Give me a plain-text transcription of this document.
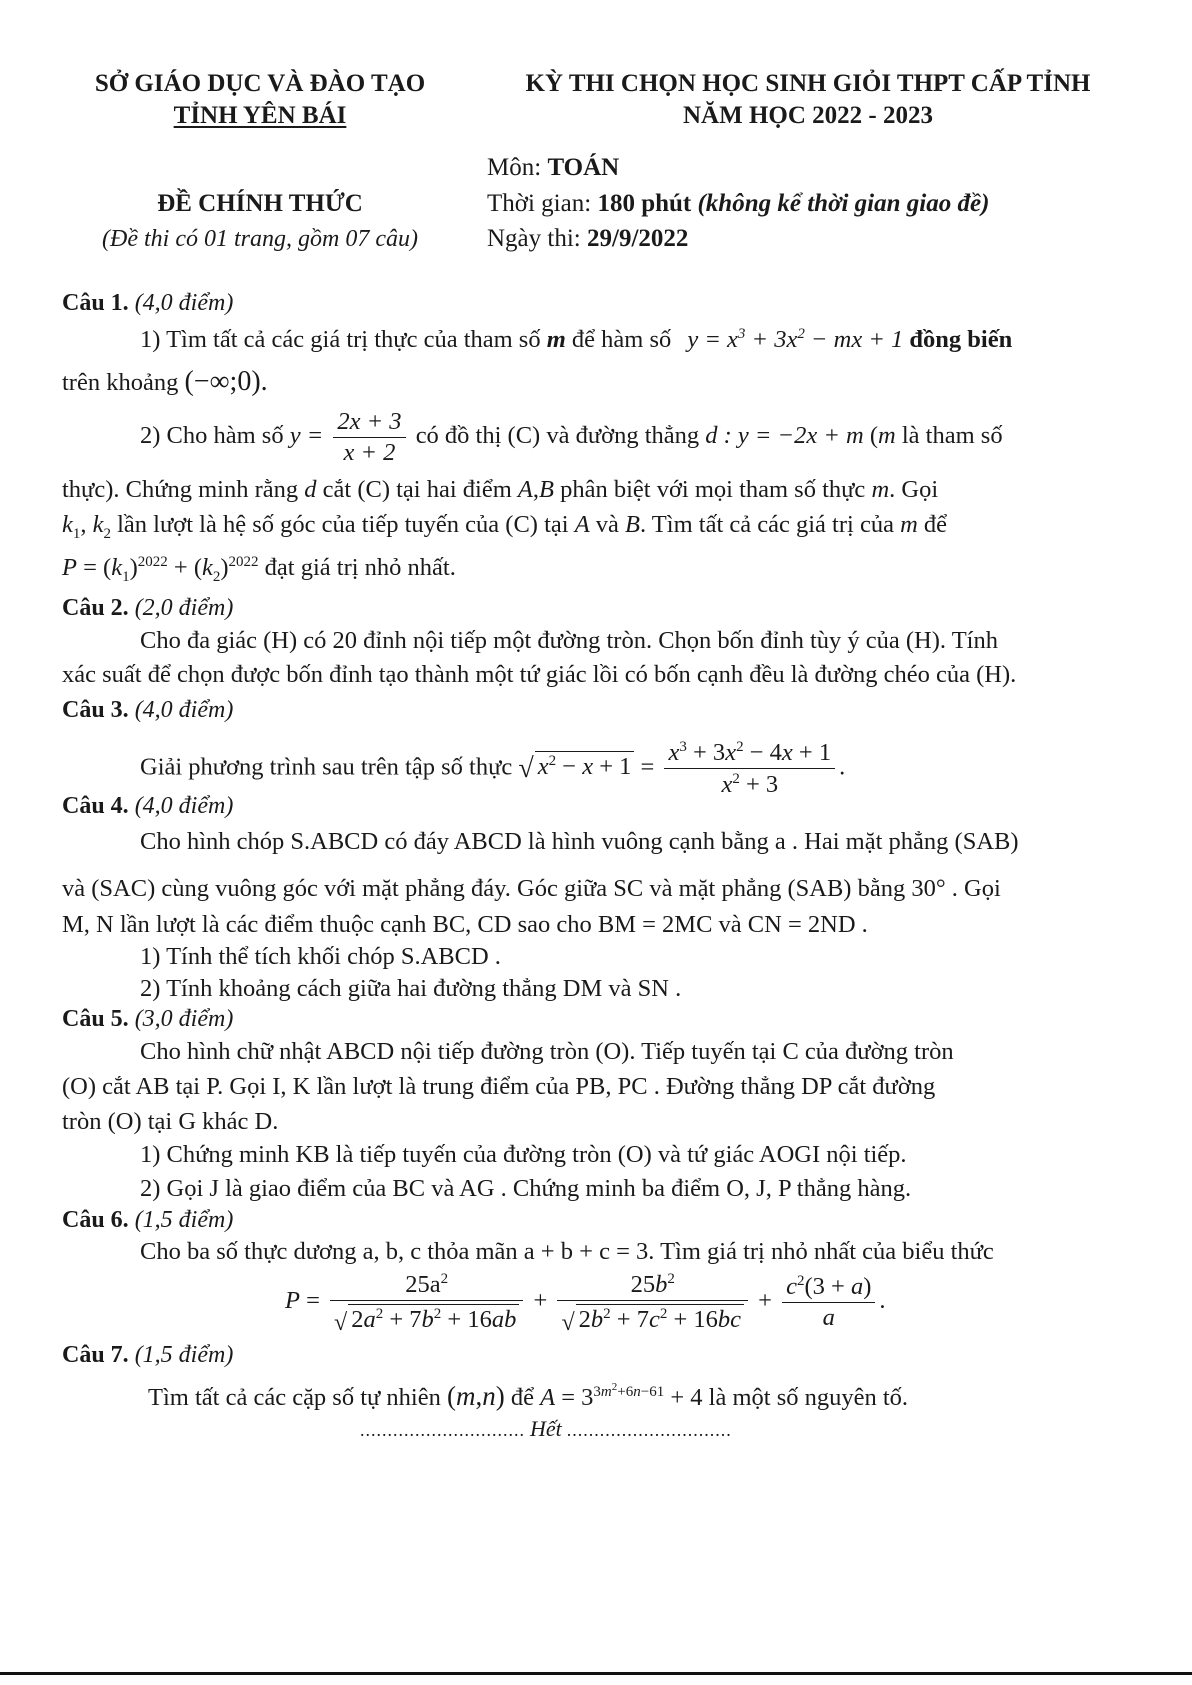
SỞ GIÁO DỤC VÀ ĐÀO TẠO
TỈNH YÊN BÁI
KỲ THI CHỌN HỌC SINH GIỎI THPT CẤP TỈNH
NĂM HỌC 2022 - 2023
Môn: TOÁN
Thời gian: 180 phút (không kể thời gian giao đề)
Ngày thi: 29/9/2022
ĐỀ CHÍNH THỨC
(Đề thi có 01 trang, gồm 07 câu)
Câu 1. (4,0 điểm)
1) Tìm tất cả các giá trị thực của tham số m để hàm số $y = x^3 + 3x^2$ − mx + 1 đồng biến
trên khoảng (−∞;0).
2) Cho hàm số $y = \frac{2x + 3}{x + 2}$ có đồ thị (C) và đường thẳng d : y = −2x + m (m là tham số
thực). Chứng minh rằng d cắt (C) tại hai điểm A,B phân biệt với mọi tham số thực m. Gọi
$k_1$, $k_2$ lần lượt là hệ số góc của tiếp tuyến của (C) tại A và B. Tìm tất cả các giá trị của m để
$P = (k_1)^{2022} + (k_2)^{2022}$ đạt giá trị nhỏ nhất.
Câu 2. (2,0 điểm)
Cho đa giác (H) có 20 đỉnh nội tiếp một đường tròn. Chọn bốn đỉnh tùy ý của (H). Tính
xác suất để chọn được bốn đỉnh tạo thành một tứ giác lồi có bốn cạnh đều là đường chéo của (H).
Câu 3. (4,0 điểm)
Giải phương trình sau trên tập số thực √ $x^2 - x + 1 = \frac{x^3 + 3x^2 - 4x + 1}{x^2 + 3}$ .
Câu 4. (4,0 điểm)
Cho hình chóp S.ABCD có đáy ABCD là hình vuông cạnh bằng a . Hai mặt phẳng (SAB)
và (SAC) cùng vuông góc với mặt phẳng đáy. Góc giữa SC và mặt phẳng (SAB) bằng 30° . Gọi
M, N lần lượt là các điểm thuộc cạnh BC, CD sao cho BM = 2MC và CN = 2ND .
1) Tính thể tích khối chóp S.ABCD .
2) Tính khoảng cách giữa hai đường thẳng DM và SN .
Câu 5. (3,0 điểm)
Cho hình chữ nhật ABCD nội tiếp đường tròn (O). Tiếp tuyến tại C của đường tròn
(O) cắt AB tại P. Gọi I, K lần lượt là trung điểm của PB, PC . Đường thẳng DP cắt đường
tròn (O) tại G khác D.
1) Chứng minh KB là tiếp tuyến của đường tròn (O) và tứ giác AOGI nội tiếp.
2) Gọi J là giao điểm của BC và AG . Chứng minh ba điểm O, J, P thẳng hàng.
Câu 6. (1,5 điểm)
Cho ba số thực dương a, b, c thỏa mãn a + b + c = 3. Tìm giá trị nhỏ nhất của biểu thức
$P = \frac{25a^2}{√ 2a^2 + 7b^2 + 16ab} + \frac{25b^2}{√ 2b^2 + 7c^2 + 16bc} + \frac{c^2(3 + a)}{a}$ .
Câu 7. (1,5 điểm)
Tìm tất cả các cặp số tự nhiên (m,n) để $A = 3^{3m^2+6n-61} + 4$ là một số nguyên tố.
.............................. Hết ..............................
